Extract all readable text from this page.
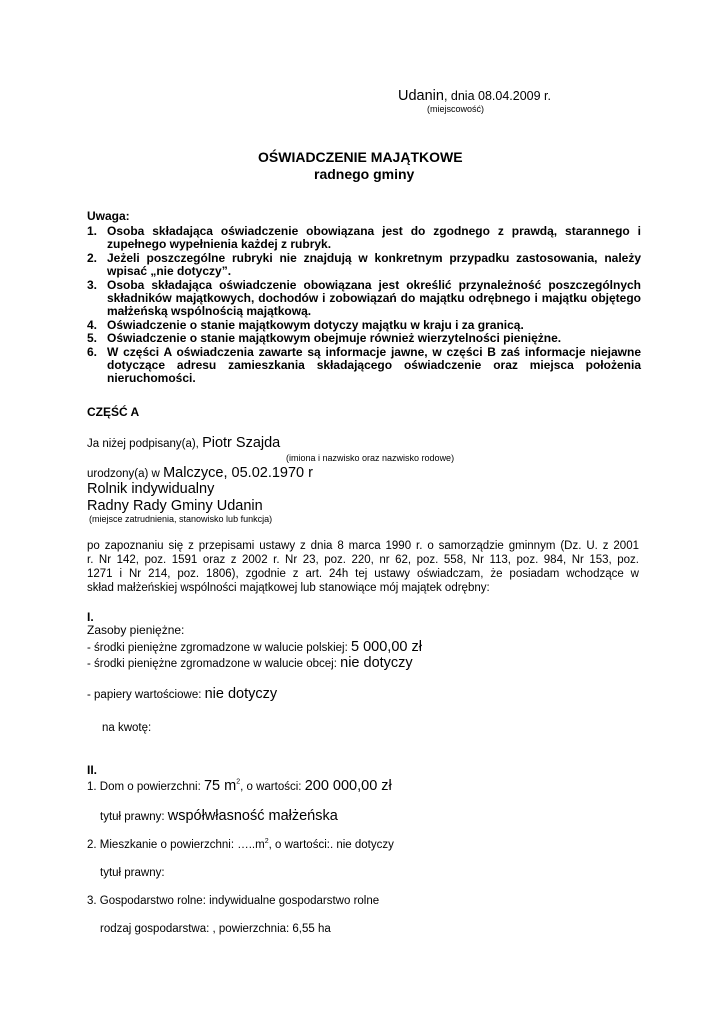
Udanin, dnia 08.04.2009 r.
(miejscowość)
OŚWIADCZENIE MAJĄTKOWE
radnego gminy
Uwaga:
1. Osoba składająca oświadczenie obowiązana jest do zgodnego z prawdą, starannego i zupełnego wypełnienia każdej z rubryk.
2. Jeżeli poszczególne rubryki nie znajdują w konkretnym przypadku zastosowania, należy wpisać „nie dotyczy”.
3. Osoba składająca oświadczenie obowiązana jest określić przynależność poszczególnych składników majątkowych, dochodów i zobowiązań do majątku odrębnego i majątku objętego małżeńską wspólnością majątkową.
4. Oświadczenie o stanie majątkowym dotyczy majątku w kraju i za granicą.
5. Oświadczenie o stanie majątkowym obejmuje również wierzytelności pieniężne.
6. W części A oświadczenia zawarte są informacje jawne, w części B zaś informacje niejawne dotyczące adresu zamieszkania składającego oświadczenie oraz miejsca położenia nieruchomości.
CZĘŚĆ A
Ja niżej podpisany(a), Piotr Szajda
(imiona i nazwisko oraz nazwisko rodowe)
urodzony(a) w Malczyce, 05.02.1970 r
Rolnik indywidualny
Radny Rady Gminy Udanin
(miejsce zatrudnienia, stanowisko lub funkcja)
po zapoznaniu się z przepisami ustawy z dnia 8 marca 1990 r. o samorządzie gminnym (Dz. U. z 2001
r. Nr 142, poz. 1591 oraz z 2002 r. Nr 23, poz. 220, nr 62, poz. 558, Nr 113, poz. 984, Nr 153, poz.
1271 i Nr 214, poz. 1806), zgodnie z art. 24h tej ustawy oświadczam, że posiadam wchodzące w
skład małżeńskiej wspólności majątkowej lub stanowiące mój majątek odrębny:
I.
Zasoby pieniężne:
- środki pieniężne zgromadzone w walucie polskiej: 5 000,00 zł
- środki pieniężne zgromadzone w walucie obcej: nie dotyczy
- papiery wartościowe: nie dotyczy
na kwotę:
II.
1. Dom o powierzchni: 75 $m^2$, o wartości: 200 000,00 zł
tytuł prawny: współwłasność małżeńska
2. Mieszkanie o powierzchni: $\dots..m^2$, o wartości:. nie dotyczy
tytuł prawny:
3. Gospodarstwo rolne: indywidualne gospodarstwo rolne
rodzaj gospodarstwa: , powierzchnia: 6,55 ha
